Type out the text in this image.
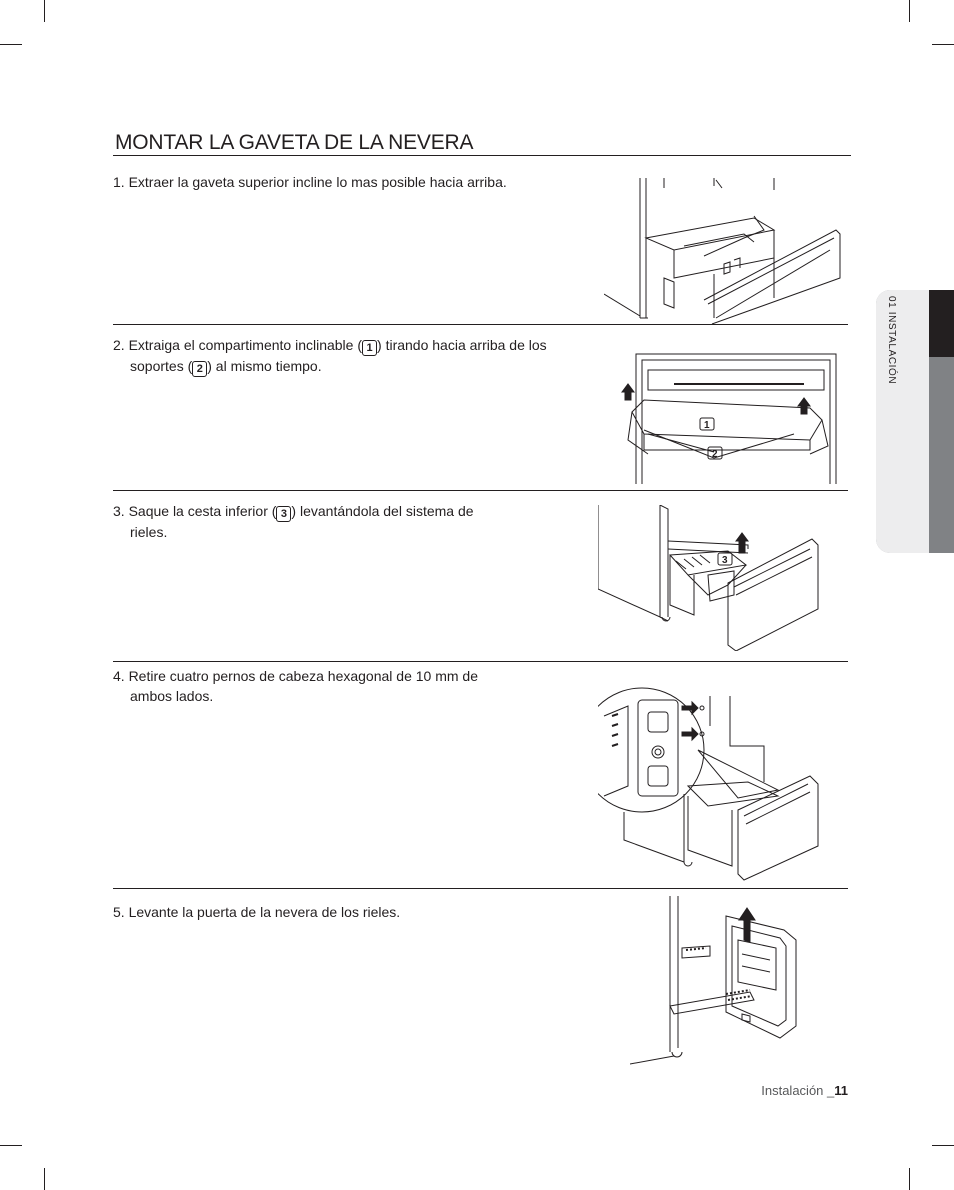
MONTAR LA GAVETA DE LA NEVERA
01 INSTALACIÓN
1. Extraer la gaveta superior incline lo mas posible hacia arriba.
2. Extraiga el compartimento inclinable ( 1 ) tirando hacia arriba de los
soportes ( 2 ) al mismo tiempo.
1
2
3. Saque la cesta inferior ( 3 ) levantándola del sistema de
rieles.
3
4. Retire cuatro pernos de cabeza hexagonal de 10 mm de
ambos lados.
5. Levante la puerta de la nevera de los rieles.
Instalación _11
